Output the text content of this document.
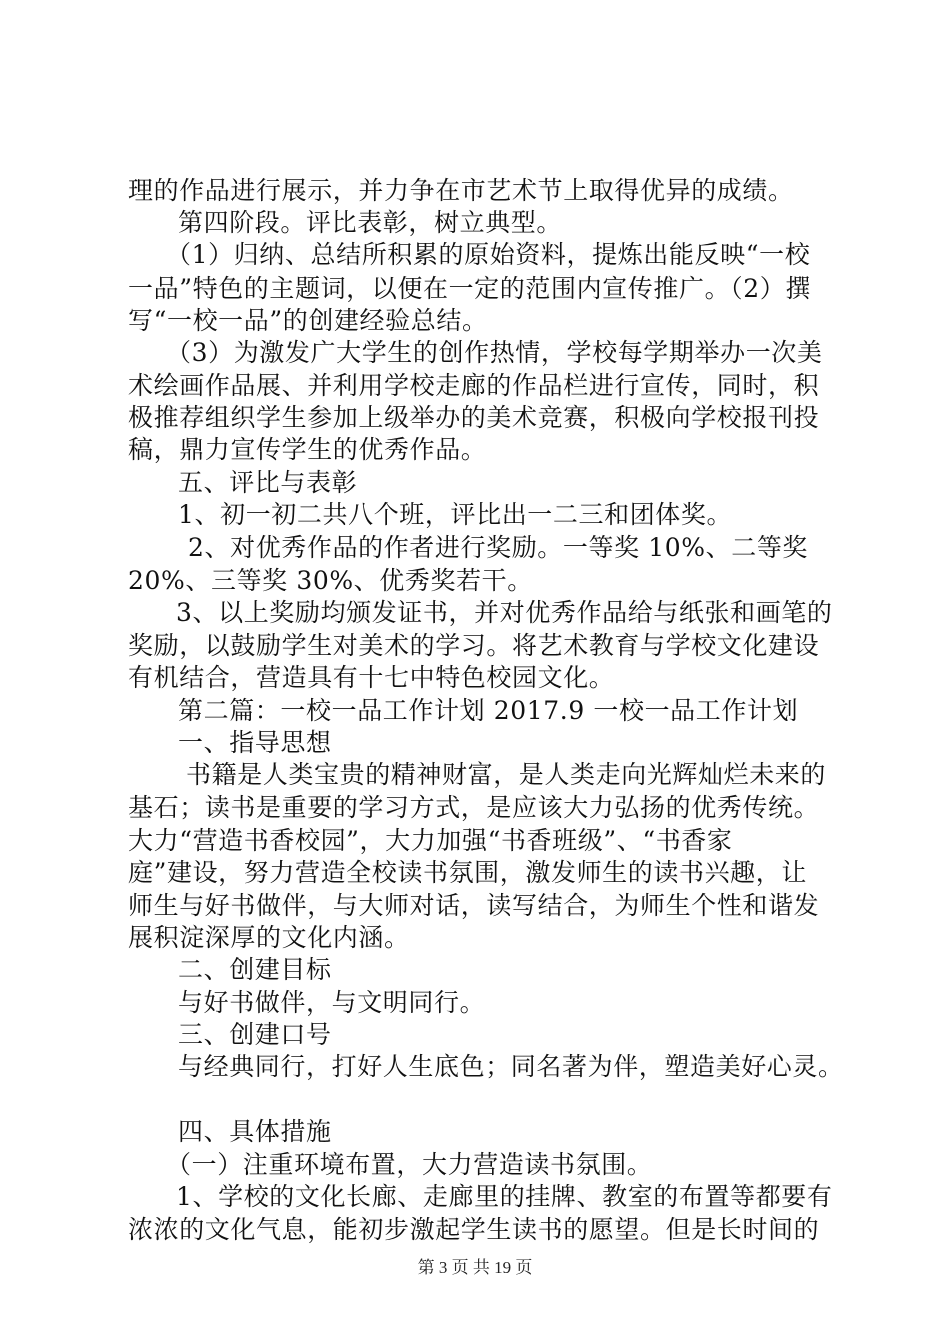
理的作品进行展示，并力争在市艺术节上取得优异的成绩。
第四阶段。评比表彰，树立典型。
（1）归纳、总结所积累的原始资料，提炼出能反映“一校
一品”特色的主题词，以便在一定的范围内宣传推广。（2）撰
写“一校一品”的创建经验总结。
（3）为激发广大学生的创作热情，学校每学期举办一次美
术绘画作品展、并利用学校走廊的作品栏进行宣传，同时，积
极推荐组织学生参加上级举办的美术竞赛，积极向学校报刊投
稿，鼎力宣传学生的优秀作品。
五、评比与表彰
1、初一初二共八个班，评比出一二三和团体奖。
2、对优秀作品的作者进行奖励。一等奖 10%、二等奖
20%、三等奖 30%、优秀奖若干。
3、以上奖励均颁发证书，并对优秀作品给与纸张和画笔的
奖励，以鼓励学生对美术的学习。将艺术教育与学校文化建设
有机结合，营造具有十七中特色校园文化。
第二篇：一校一品工作计划 2017.9 一校一品工作计划
一、指导思想
书籍是人类宝贵的精神财富，是人类走向光辉灿烂未来的
基石；读书是重要的学习方式，是应该大力弘扬的优秀传统。
大力“营造书香校园”，大力加强“书香班级”、“书香家
庭”建设，努力营造全校读书氛围，激发师生的读书兴趣，让
师生与好书做伴，与大师对话，读写结合，为师生个性和谐发
展积淀深厚的文化内涵。
二、创建目标
与好书做伴，与文明同行。
三、创建口号
与经典同行，打好人生底色；同名著为伴，塑造美好心灵。
四、具体措施
（一）注重环境布置，大力营造读书氛围。
1、学校的文化长廊、走廊里的挂牌、教室的布置等都要有
浓浓的文化气息，能初步激起学生读书的愿望。但是长时间的
第 3 页 共 19 页
